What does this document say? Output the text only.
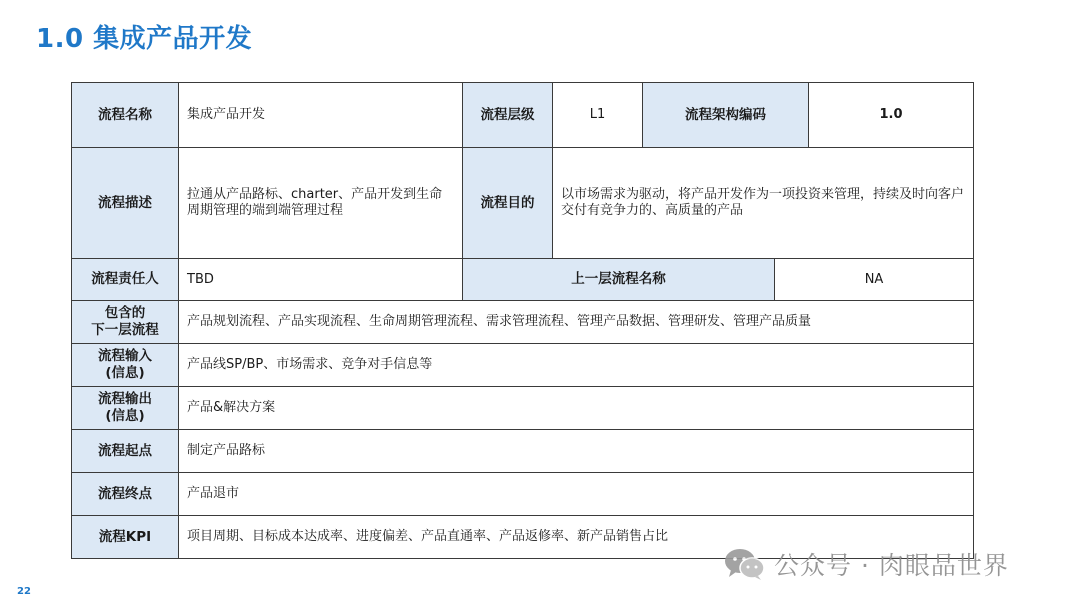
1.0 集成产品开发
流程名称	集成产品开发	流程层级	L1	流程架构编码		1.0
流程描述	拉通从产品路标、charter、产品开发到生命周期管理的端到端管理过程	流程目的	以市场需求为驱动，将产品开发作为一项投资来管理，持续及时向客户交付有竞争力的、高质量的产品			
流程责任人	TBD	上一层流程名称			NA	
包含的
下一层流程	产品规划流程、产品实现流程、生命周期管理流程、需求管理流程、管理产品数据、管理研发、管理产品质量					
流程输入
(信息)	产品线SP/BP、市场需求、竞争对手信息等					
流程输出
(信息)	产品&解决方案					
流程起点	制定产品路标					
流程终点	产品退市					
流程KPI	项目周期、目标成本达成率、进度偏差、产品直通率、产品返修率、新产品销售占比					
22
公众号 · 肉眼品世界
